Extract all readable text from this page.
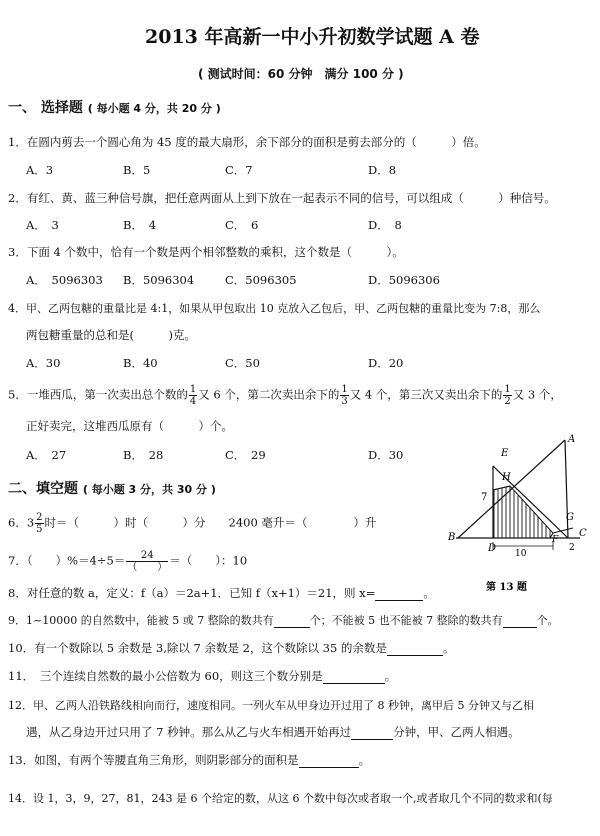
2013 年高新一中小升初数学试题 A 卷
( 测试时间：60 分钟　满分 100 分 )
一、 选择题 ( 每小题 4 分，共 20 分 )
1．在圆内剪去一个圆心角为 45 度的最大扇形，余下部分的面积是剪去部分的（　　　）倍。
A．3	B．5	C．7	D．8
2．有红、黄、蓝三种信号旗，把任意两面从上到下放在一起表示不同的信号，可以组成（　　　）种信号。
A．　3	B．　4	C．　6	D．　8
3．下面 4 个数中，恰有一个数是两个相邻整数的乘积，这个数是（　　　）。
A．　5096303 B．5096304	C．5096305	D．5096306
4．甲、乙两包糖的重量比是 4:1，如果从甲包取出 10 克放入乙包后，甲、乙两包糖的重量比变为 7:8，那么
两包糖重量的总和是(　　　)克。
A．30	B．40	C．50	D．20
5．一堆西瓜，第一次卖出总个数的 $\frac{1}{4}$ 又 6 个，第二次卖出余下的 $\frac{1}{3}$ 又 4 个，第三次又卖出余下的 $\frac{1}{2}$ 又 3 个，
正好卖完，这堆西瓜原有（　　　）个。
A．　27	B．　28	C．　29	D．30
二、填空题 ( 每小题 3 分，共 30 分 )
6．$3 \frac{2}{5}$ 时＝（　　　）时（　　　）分　　2400 毫升＝（　　　　）升
7．（　　）$\%=4\div 5= \frac{24}{( )}$ ＝（　　）：10
8．对任意的数 a，定义：f（a）＝2a+1．已知 f（x+1）＝21，则 x=	。
9．1~10000 的自然数中，能被 5 或 7 整除的数共有	个；不能被 5 也不能被 7 整除的数共有	个。
10．有一个数除以 5 余数是 3,除以 7 余数是 2，这个数除以 35 的余数是	。
11．　三个连续自然数的最小公倍数为 60，则这三个数分别是	。
12．甲、乙两人沿铁路线相向而行，速度相同。一列火车从甲身边开过用了 8 秒钟，离甲后 5 分钟又与乙相
遇，从乙身边开过只用了 7 秒钟。那么从乙与火车相遇开始再过	分钟，甲、乙两人相遇。
13．如图，有两个等腰直角三角形，则阴影部分的面积是	。
14．设 1，3，9，27，81，243 是 6 个给定的数，从这 6 个数中每次或者取一个,或者取几个不同的数求和(每
A
E
H
7
G
B
D
F
C
10
2
第 13 题
